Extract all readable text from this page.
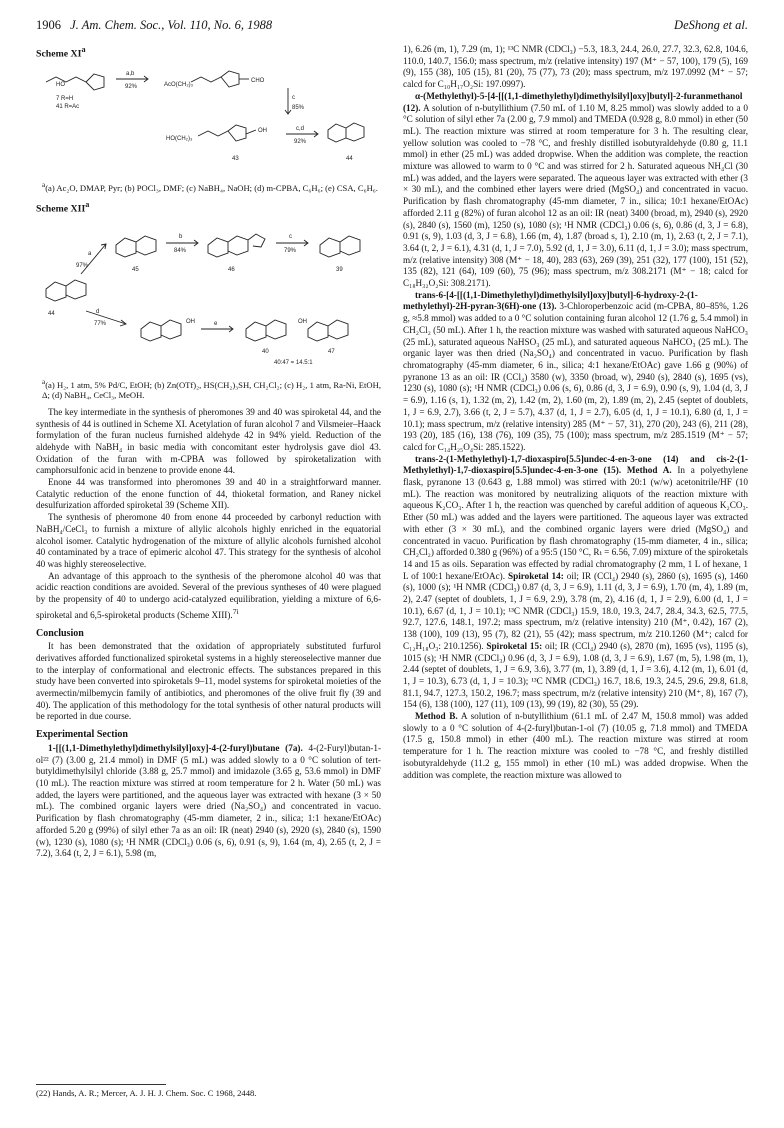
1906 J. Am. Chem. Soc., Vol. 110, No. 6, 1988	DeShong et al.
Scheme $XI^a$
HO
7 R=H
41 R=Ac
a,b
92%	AcO(CH₂)₃
CHO
c
85%
HO(CH₂)₃
OH	c,d
92%
43	44
$^a$(a) Ac₂O, DMAP, Pyr; (b) POCl₃, DMF; (c) NaBH₄, NaOH; (d) m-CPBA, C₆H₆; (e) CSA, C₆H₆.
Scheme XII$^a$
a
97%
b
84%
c
79%
d
77%	e
OH	OH
44
45	46	39
40	47
40:47 = 14.5:1
$^a$(a) H₂, 1 atm, 5% Pd/C, EtOH; (b) Zn(OTf)₂, HS(CH₂)₃SH, CH₂Cl₂; (c) H₂, 1 atm, Ra-Ni, EtOH, Δ; (d) NaBH₄, CeCl₃, MeOH.

The key intermediate in the synthesis of pheromones 39 and 40 was spiroketal 44, and the synthesis of 44 is outlined in Scheme XI. Acetylation of furan alcohol 7 and Vilsmeier–Haack formylation of the furan nucleus furnished aldehyde 42 in 94% yield. Reduction of the aldehyde with NaBH₄ in basic media with concomitant ester hydrolysis gave diol 43. Oxidation of the furan with m-CPBA was followed by spiroketalization with camphorsulfonic acid in benzene to provide enone 44.

Enone 44 was transformed into pheromones 39 and 40 in a straightforward manner. Catalytic reduction of the enone function of 44, thioketal formation, and Raney nickel desulfurization afforded spiroketal 39 (Scheme XII).

The synthesis of pheromone 40 from enone 44 proceeded by carbonyl reduction with NaBH₄/CeCl₃ to furnish a mixture of allylic alcohols highly enriched in the equatorial alcohol isomer. Catalytic hydrogenation of the mixture of allylic alcohols furnished alcohol 40 contaminated by a trace of epimeric alcohol 47. This strategy for the synthesis of alcohol 40 was highly stereoselective.

An advantage of this approach to the synthesis of the pheromone alcohol 40 was that acidic reaction conditions are avoided. Several of the previous syntheses of 40 were plagued by the propensity of 40 to undergo acid-catalyzed equilibration, yielding a mixture of 6,6-spiroketal and 6,5-spiroketal products (Scheme XIII).$^{7i}$

Conclusion

It has been demonstrated that the oxidation of appropriately substituted furfurol derivatives afforded functionalized spiroketal systems in a highly stereoselective manner due to the interplay of conformational and electronic effects. The substances prepared in this study have been converted into spiroketals 9–11, model systems for spiroketal moieties of the avermectin/milbemycin family of antibiotics, and pheromones of the olive fruit fly (39 and 40). The application of this methodology for the total synthesis of other natural products will be reported in due course.

Experimental Section

1-[[(1,1-Dimethylethyl)dimethylsilyl]oxy]-4-(2-furyl)butane (7a). 4-(2-Furyl)butan-1-ol²² (7) (3.00 g, 21.4 mmol) in DMF (5 mL) was added slowly to a 0 °C solution of tert-butyldimethylsilyl chloride (3.88 g, 25.7 mmol) and imidazole (3.65 g, 53.6 mmol) in DMF (10 mL). The reaction mixture was stirred at room temperature for 2 h. Water (50 mL) was added, the layers were partitioned, and the aqueous layer was extracted with hexane (3 × 50 mL). The combined organic layers were dried (Na₂SO₄) and concentrated in vacuo. Purification by flash chromatography (45-mm diameter, 2 in., silica; 1:1 hexane/EtOAc) afforded 5.20 g (99%) of silyl ether 7a as an oil: IR (neat) 2940 (s), 2920 (s), 2840 (s), 1590 (w), 1230 (s), 1080 (s); ¹H NMR (CDCl₃) 0.06 (s, 6), 0.91 (s, 9), 1.64 (m, 4), 2.65 (t, 2, J = 7.2), 3.64 (t, 2, J = 6.1), 5.98 (m,

(22) Hands, A. R.; Mercer, A. J. H. J. Chem. Soc. C 1968, 2448.

1), 6.26 (m, 1), 7.29 (m, 1); ¹³C NMR (CDCl₃) −5.3, 18.3, 24.4, 26.0, 27.7, 32.3, 62.8, 104.6, 110.0, 140.7, 156.0; mass spectrum, m/z (relative intensity) 197 (M⁺ − 57, 100), 179 (5), 169 (9), 155 (38), 105 (15), 81 (20), 75 (77), 73 (20); mass spectrum, m/z 197.0992 (M⁺ − 57; calcd for C₁₀H₁₇O₂Si: 197.0997).

α-(Methylethyl)-5-[4-[[(1,1-dimethylethyl)dimethylsilyl]oxy]butyl]-2-furanmethanol (12). A solution of n-butyllithium (7.50 mL of 1.10 M, 8.25 mmol) was slowly added to a 0 °C solution of silyl ether 7a (2.00 g, 7.9 mmol) and TMEDA (0.928 g, 8.0 mmol) in ether (50 mL). The reaction mixture was stirred at room temperature for 3 h. The resulting clear, yellow solution was cooled to −78 °C, and freshly distilled isobutyraldehyde (0.80 g, 11.1 mmol) in ether (25 mL) was added dropwise. When the addition was complete, the reaction mixture was allowed to warm to 0 °C and was stirred for 2 h. Saturated aqueous NH₄Cl (30 mL) was added, and the layers were separated. The aqueous layer was extracted with ether (3 × 30 mL), and the combined ether layers were dried (MgSO₄) and concentrated in vacuo. Purification by flash chromatography (45-mm diameter, 7 in., silica; 10:1 hexane/EtOAc) afforded 2.11 g (82%) of furan alcohol 12 as an oil: IR (neat) 3400 (broad, m), 2940 (s), 2920 (s), 2840 (s), 1560 (m), 1250 (s), 1080 (s); ¹H NMR (CDCl₃) 0.06 (s, 6), 0.86 (d, 3, J = 6.8), 0.91 (s, 9), 1.03 (d, 3, J = 6.8), 1.66 (m, 4), 1.87 (broad s, 1), 2.10 (m, 1), 2.63 (t, 2, J = 7.1), 3.64 (t, 2, J = 6.1), 4.31 (d, 1, J = 7.0), 5.92 (d, 1, J = 3.0), 6.11 (d, 1, J = 3.0); mass spectrum, m/z (relative intensity) 308 (M⁺ − 18, 40), 283 (63), 269 (39), 251 (32), 177 (100), 151 (52), 135 (82), 121 (64), 109 (60), 75 (96); mass spectrum, m/z 308.2171 (M⁺ − 18; calcd for C₁₈H₃₂O₂Si: 308.2171).

trans-6-[4-[[(1,1-Dimethylethyl)dimethylsilyl]oxy]butyl]-6-hydroxy-2-(1-methylethyl)-2H-pyran-3(6H)-one (13). 3-Chloroperbenzoic acid (m-CPBA, 80–85%, 1.26 g, ≈5.8 mmol) was added to a 0 °C solution containing furan alcohol 12 (1.76 g, 5.4 mmol) in CH₂Cl₂ (50 mL). After 1 h, the reaction mixture was washed with saturated aqueous NaHCO₃ (25 mL), saturated aqueous NaHSO₃ (25 mL), and saturated aqueous NaHCO₃ (25 mL). The organic layer was then dried (Na₂SO₄) and concentrated in vacuo. Purification by flash chromatography (45-mm diameter, 6 in., silica; 4:1 hexane/EtOAc) gave 1.66 g (90%) of pyranone 13 as an oil: IR (CCl₄) 3580 (w), 3350 (broad, w), 2940 (s), 2840 (s), 1695 (vs), 1230 (s), 1080 (s); ¹H NMR (CDCl₃) 0.06 (s, 6), 0.86 (d, 3, J = 6.9), 0.90 (s, 9), 1.04 (d, 3, J = 6.9), 1.16 (s, 1), 1.32 (m, 2), 1.42 (m, 2), 1.60 (m, 2), 1.89 (m, 2), 2.45 (septet of doublets, 1, J = 6.9, 2.7), 3.66 (t, 2, J = 5.7), 4.37 (d, 1, J = 2.7), 6.05 (d, 1, J = 10.1), 6.80 (d, 1, J = 10.1); mass spectrum, m/z (relative intensity) 285 (M⁺ − 57, 31), 270 (20), 243 (6), 211 (28), 193 (20), 185 (16), 138 (76), 109 (35), 75 (100); mass spectrum, m/z 285.1519 (M⁺ − 57; calcd for C₁₄H₂₅O₄Si: 285.1522).

trans-2-(1-Methylethyl)-1,7-dioxaspiro[5.5]undec-4-en-3-one (14) and cis-2-(1-Methylethyl)-1,7-dioxaspiro[5.5]undec-4-en-3-one (15). Method A. In a polyethylene flask, pyranone 13 (0.643 g, 1.88 mmol) was stirred with 20:1 (w/w) acetonitrile/HF (10 mL). The reaction was monitored by neutralizing aliquots of the reaction mixture with aqueous K₂CO₃. After 1 h, the reaction was quenched by careful addition of aqueous K₂CO₃. Ether (50 mL) was added and the layers were partitioned. The aqueous layer was extracted with ether (3 × 30 mL), and the combined organic layers were dried (MgSO₄) and concentrated in vacuo. Purification by flash chromatography (15-mm diameter, 4 in., silica; CH₂Cl₂) afforded 0.380 g (96%) of a 95:5 (150 °C, Rₜ = 6.56, 7.09) mixture of the spiroketals 14 and 15 as oils. Separation was effected by radial chromatography (2 mm, 1 L of hexane, 1 L of 100:1 hexane/EtOAc). Spiroketal 14: oil; IR (CCl₄) 2940 (s), 2860 (s), 1695 (s), 1460 (s), 1000 (s); ¹H NMR (CDCl₃) 0.87 (d, 3, J = 6.9), 1.11 (d, 3, J = 6.9), 1.70 (m, 4), 1.89 (m, 2), 2.47 (septet of doublets, 1, J = 6.9, 2.9), 3.78 (m, 2), 4.16 (d, 1, J = 2.9), 6.00 (d, 1, J = 10.1), 6.67 (d, 1, J = 10.1); ¹³C NMR (CDCl₃) 15.9, 18.0, 19.3, 24.7, 28.4, 34.3, 62.5, 77.5, 92.7, 127.6, 148.1, 197.2; mass spectrum, m/z (relative intensity) 210 (M⁺, 0.42), 167 (2), 138 (100), 109 (13), 95 (7), 82 (21), 55 (42); mass spectrum, m/z 210.1260 (M⁺; calcd for C₁₂H₁₈O₃: 210.1256). Spiroketal 15: oil; IR (CCl₄) 2940 (s), 2870 (m), 1695 (vs), 1195 (s), 1015 (s); ¹H NMR (CDCl₃) 0.96 (d, 3, J = 6.9), 1.08 (d, 3, J = 6.9), 1.67 (m, 5), 1.98 (m, 1), 2.44 (septet of doublets, 1, J = 6.9, 3.6), 3.77 (m, 1), 3.89 (d, 1, J = 3.6), 4.12 (m, 1), 6.01 (d, 1, J = 10.3), 6.73 (d, 1, J = 10.3); ¹³C NMR (CDCl₃) 16.7, 18.6, 19.3, 24.5, 29.6, 29.8, 61.8, 81.1, 94.7, 127.3, 150.2, 196.7; mass spectrum, m/z (relative intensity) 210 (M⁺, 8), 167 (7), 154 (6), 138 (100), 127 (11), 109 (13), 99 (19), 82 (30), 55 (29).

Method B. A solution of n-butyllithium (61.1 mL of 2.47 M, 150.8 mmol) was added slowly to a 0 °C solution of 4-(2-furyl)butan-1-ol (7) (10.05 g, 71.8 mmol) and TMEDA (17.5 g, 150.8 mmol) in ether (400 mL). The reaction mixture was stirred at room temperature for 1 h. The reaction mixture was cooled to −78 °C, and freshly distilled isobutyraldehyde (11.2 g, 155 mmol) in ether (10 mL) was added dropwise. When the addition was complete, the reaction mixture was allowed to
